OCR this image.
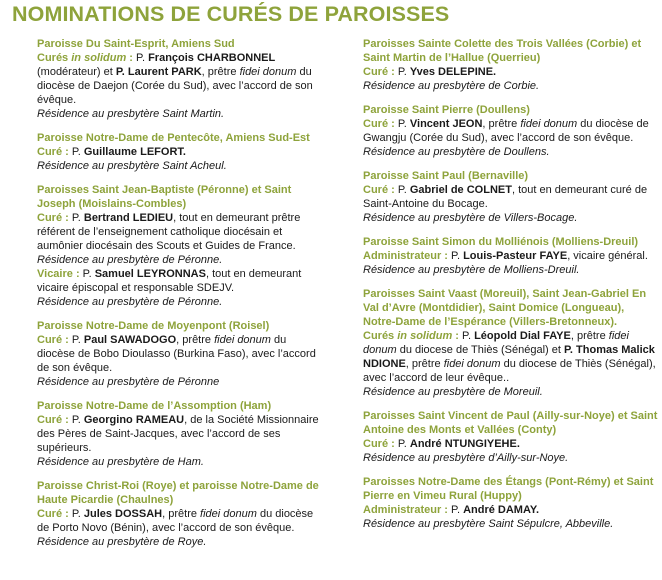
NOMINATIONS DE CURÉS DE PAROISSES

Paroisse Du Saint-Esprit, Amiens Sud

Curés in solidum : P. François CHARBONNEL (modérateur) et P. Laurent PARK, prêtre fidei donum du diocèse de Daejon (Corée du Sud), avec l’accord de son évêque.

Résidence au presbytère Saint Martin.

Paroisse Notre-Dame de Pentecôte, Amiens Sud-Est

Curé : P. Guillaume LEFORT.

Résidence au presbytère Saint Acheul.

Paroisses Saint Jean-Baptiste (Péronne) et Saint Joseph (Moislains-Combles)

Curé : P. Bertrand LEDIEU, tout en demeurant prêtre référent de l’enseignement catholique diocésain et aumônier diocésain des Scouts et Guides de France.

Résidence au presbytère de Péronne.

Vicaire : P. Samuel LEYRONNAS, tout en demeurant vicaire épiscopal et responsable SDEJV.

Résidence au presbytère de Péronne.

Paroisse Notre-Dame de Moyenpont (Roisel)

Curé : P. Paul SAWADOGO, prêtre fidei donum du diocèse de Bobo Dioulasso (Burkina Faso), avec l’accord de son évêque.

Résidence au presbytère de Péronne

Paroisse Notre-Dame de l’Assomption (Ham)

Curé : P. Georgino RAMEAU, de la Société Missionnaire des Pères de Saint-Jacques, avec l’accord de ses supérieurs.

Résidence au presbytère de Ham.

Paroisse Christ-Roi (Roye) et paroisse Notre-Dame de Haute Picardie (Chaulnes)

Curé : P. Jules DOSSAH, prêtre fidei donum du diocèse de Porto Novo (Bénin), avec l’accord de son évêque.

Résidence au presbytère de Roye.

Paroisses Sainte Colette des Trois Vallées (Corbie) et Saint Martin de l’Hallue (Querrieu)

Curé : P. Yves DELEPINE.

Résidence au presbytère de Corbie.

Paroisse Saint Pierre (Doullens)

Curé : P. Vincent JEON, prêtre fidei donum du diocèse de Gwangju (Corée du Sud), avec l’accord de son évêque.

Résidence au presbytère de Doullens.

Paroisse Saint Paul (Bernaville)

Curé : P. Gabriel de COLNET, tout en demeurant curé de Saint-Antoine du Bocage.

Résidence au presbytère de Villers-Bocage.

Paroisse Saint Simon du Molliénois (Molliens-Dreuil)

Administrateur : P. Louis-Pasteur FAYE, vicaire général.

Résidence au presbytère de Molliens-Dreuil.

Paroisses Saint Vaast (Moreuil), Saint Jean-Gabriel En Val d’Avre (Montdidier), Saint Domice (Longueau), Notre-Dame de l’Espérance (Villers-Bretonneux).

Curés in solidum : P. Léopold Dial FAYE, prêtre fidei donum du diocese de Thiès (Sénégal) et P. Thomas Malick NDIONE, prêtre fidei donum du diocese de Thiès (Sénégal), avec l’accord de leur évêque..

Résidence au presbytère de Moreuil.

Paroisses Saint Vincent de Paul (Ailly-sur-Noye) et Saint Antoine des Monts et Vallées (Conty)

Curé : P. André NTUNGIYEHE.

Résidence au presbytère d’Ailly-sur-Noye.

Paroisses Notre-Dame des Étangs (Pont-Rémy) et Saint Pierre en Vimeu Rural (Huppy)

Administrateur : P. André DAMAY.

Résidence au presbytère Saint Sépulcre, Abbeville.
